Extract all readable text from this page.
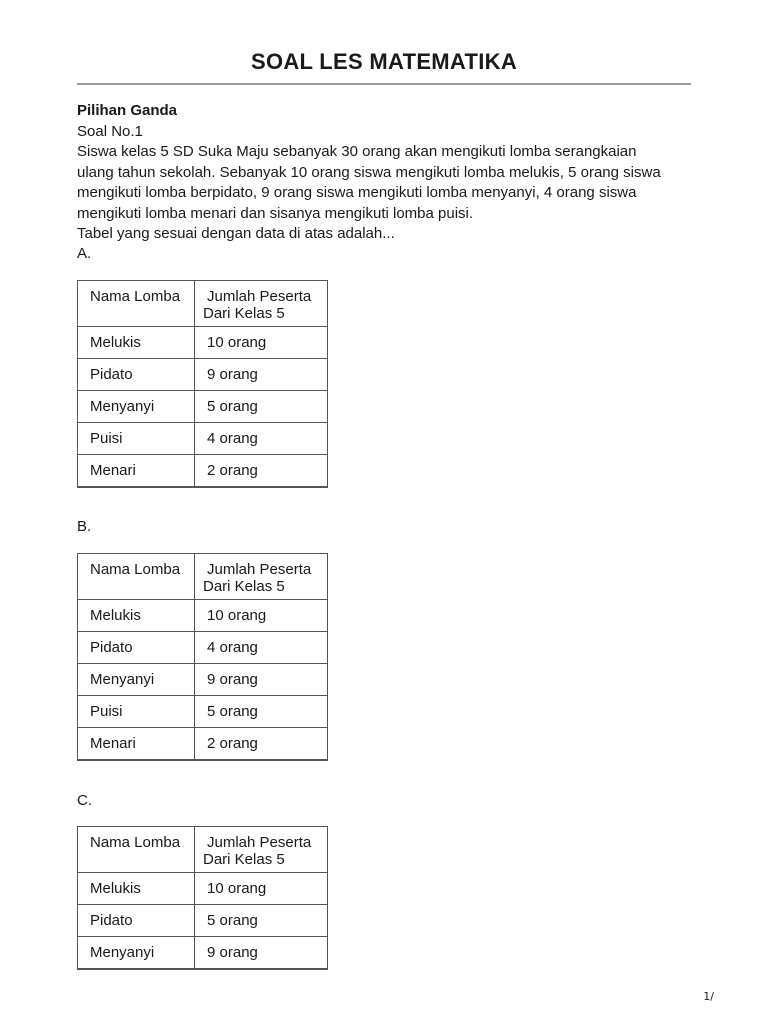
SOAL LES MATEMATIKA
Pilihan Ganda
Soal No.1
Siswa kelas 5 SD Suka Maju sebanyak 30 orang akan mengikuti lomba serangkaian
ulang tahun sekolah. Sebanyak 10 orang siswa mengikuti lomba melukis, 5 orang siswa
mengikuti lomba berpidato, 9 orang siswa mengikuti lomba menyanyi, 4 orang siswa
mengikuti lomba menari dan sisanya mengikuti lomba puisi.
Tabel yang sesuai dengan data di atas adalah...
A.
Nama Lomba	Jumlah Peserta
Dari Kelas 5

Melukis	10 orang
Pidato	9 orang
Menyanyi	5 orang
Puisi	4 orang
Menari	2 orang
B.
Nama Lomba	Jumlah Peserta
Dari Kelas 5

Melukis	10 orang
Pidato	4 orang
Menyanyi	9 orang
Puisi	5 orang
Menari	2 orang
C.
Nama Lomba	Jumlah Peserta
Dari Kelas 5

Melukis	10 orang
Pidato	5 orang
Menyanyi	9 orang
1/
